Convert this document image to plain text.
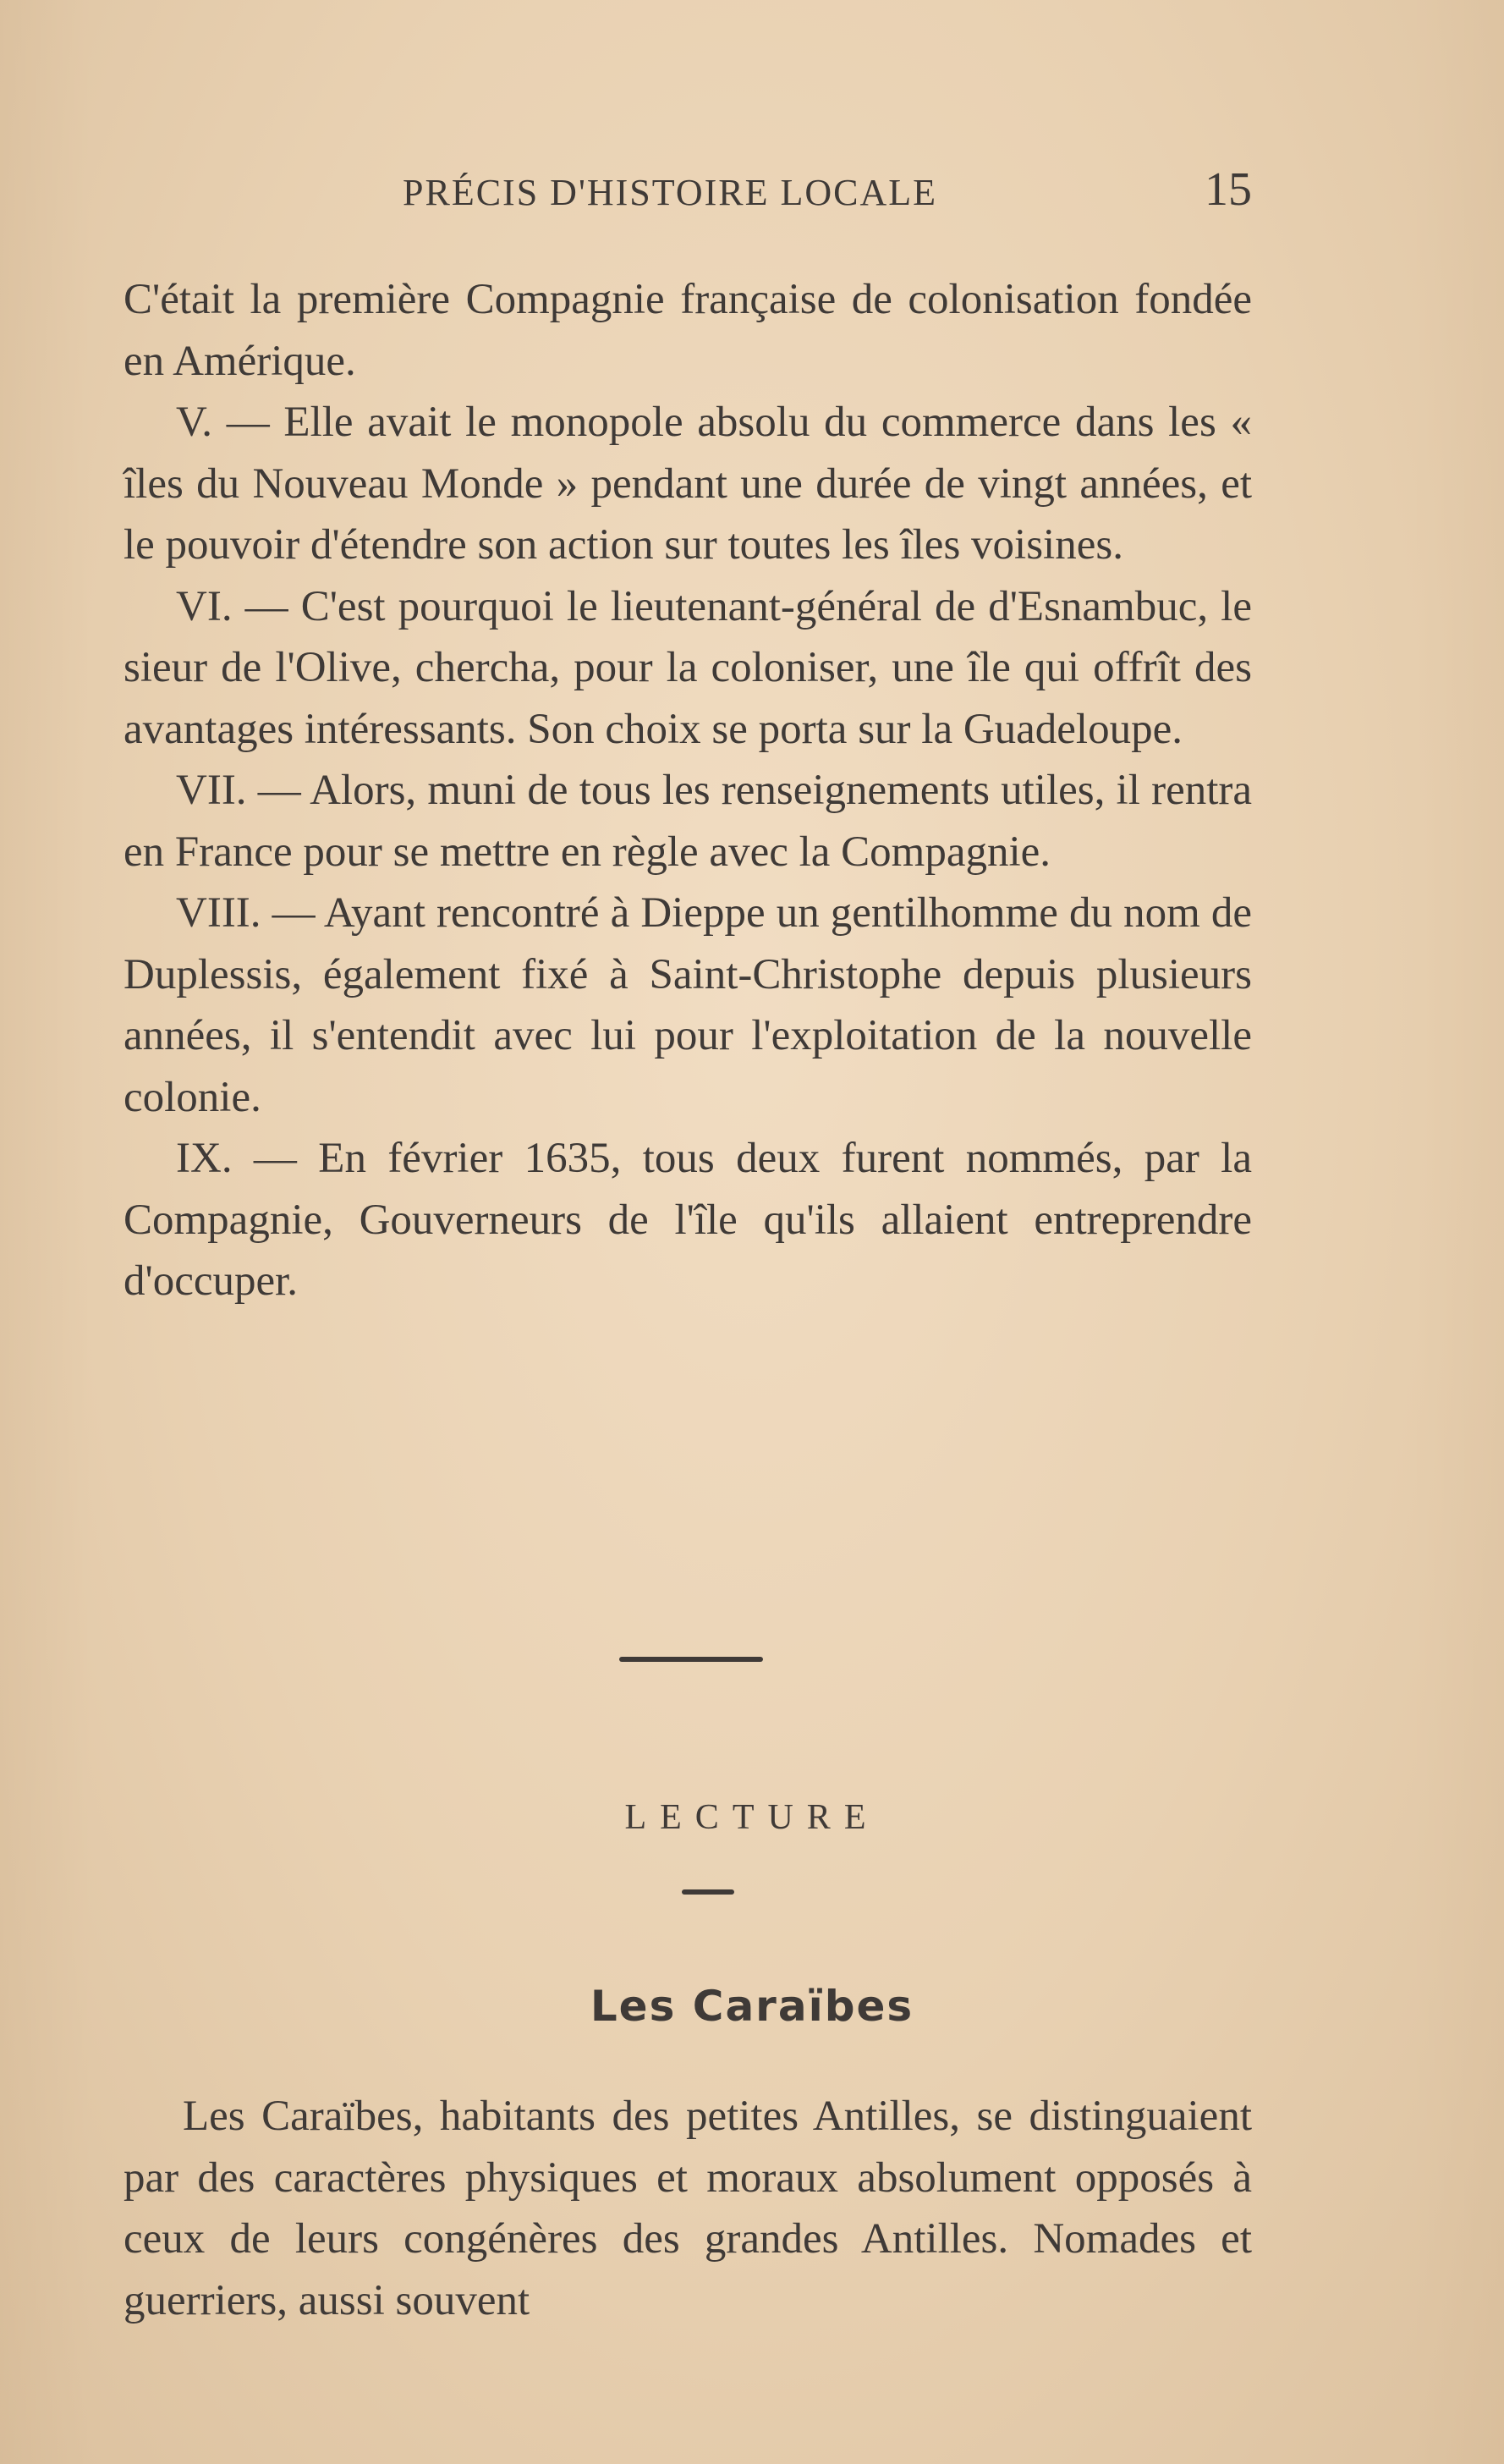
PRÉCIS D'HISTOIRE LOCALE	15

C'était la première Compagnie française de colonisation fondée en Amérique.

V. — Elle avait le monopole absolu du commerce dans les « îles du Nouveau Monde » pendant une durée de vingt années, et le pouvoir d'étendre son action sur toutes les îles voisines.

VI. — C'est pourquoi le lieutenant-général de d'Esnambuc, le sieur de l'Olive, chercha, pour la coloniser, une île qui offrît des avantages intéressants. Son choix se porta sur la Guadeloupe.

VII. — Alors, muni de tous les renseignements utiles, il rentra en France pour se mettre en règle avec la Compagnie.

VIII. — Ayant rencontré à Dieppe un gentilhomme du nom de Duplessis, également fixé à Saint-Christophe depuis plusieurs années, il s'entendit avec lui pour l'exploitation de la nouvelle colonie.

IX. — En février 1635, tous deux furent nommés, par la Compagnie, Gouverneurs de l'île qu'ils allaient entreprendre d'occuper.

LECTURE
Les Caraïbes

Les Caraïbes, habitants des petites Antilles, se distinguaient par des caractères physiques et moraux absolument opposés à ceux de leurs congénères des grandes Antilles. Nomades et guerriers, aussi souvent
